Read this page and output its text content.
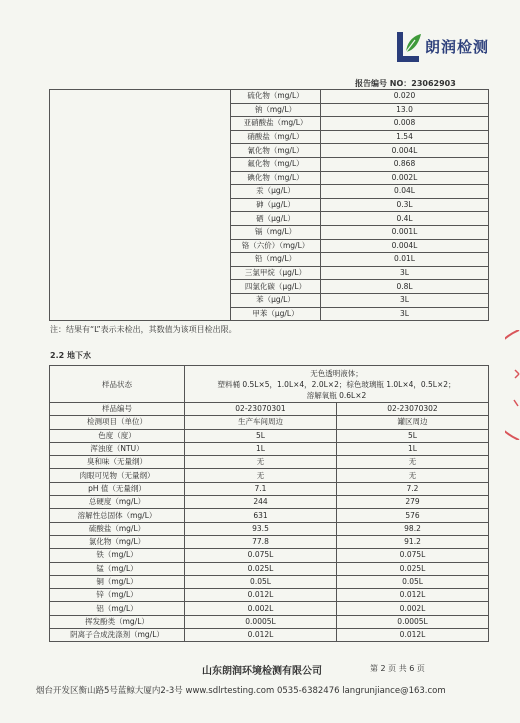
朗润检测
报告编号 NO：23062903
	硫化物（mg/L）	0.020
	钠（mg/L）	13.0
	亚硝酸盐（mg/L）	0.008
	硝酸盐（mg/L）	1.54
	氰化物（mg/L）	0.004L
	氟化物（mg/L）	0.868
	碘化物（mg/L）	0.002L
	汞（μg/L）	0.04L
	砷（μg/L）	0.3L
	硒（μg/L）	0.4L
	镉（mg/L）	0.001L
	铬（六价）（mg/L）	0.004L
	铅（mg/L）	0.01L
	三氯甲烷（μg/L）	3L
	四氯化碳（μg/L）	0.8L
	苯（μg/L）	3L
	甲苯（μg/L）	3L
注：结果有“L”表示未检出，其数值为该项目检出限。
2.2 地下水
样品状态	无色透明液体；
塑料桶 0.5L×5，1.0L×4，2.0L×2；棕色玻璃瓶 1.0L×4，0.5L×2；
溶解氧瓶 0.6L×2	

样品编号	02-23070301	02-23070302
检测项目（单位）	生产车间周边	罐区周边
色度（度）	5L	5L
浑浊度（NTU）	1L	1L
臭和味（无量纲）	无	无
肉眼可见物（无量纲）	无	无
pH 值（无量纲）	7.1	7.2
总硬度（mg/L）	244	279
溶解性总固体（mg/L）	631	576
硫酸盐（mg/L）	93.5	98.2
氯化物（mg/L）	77.8	91.2
铁（mg/L）	0.075L	0.075L
锰（mg/L）	0.025L	0.025L
铜（mg/L）	0.05L	0.05L
锌（mg/L）	0.012L	0.012L
铝（mg/L）	0.002L	0.002L
挥发酚类（mg/L）	0.0005L	0.0005L
阴离子合成洗涤剂（mg/L）	0.012L	0.012L
山东朗润环境检测有限公司	第 2 页 共 6 页
烟台开发区衡山路5号蓝鲸大厦内2-3号 www.sdlrtesting.com 0535-6382476 langrunjiance@163.com
